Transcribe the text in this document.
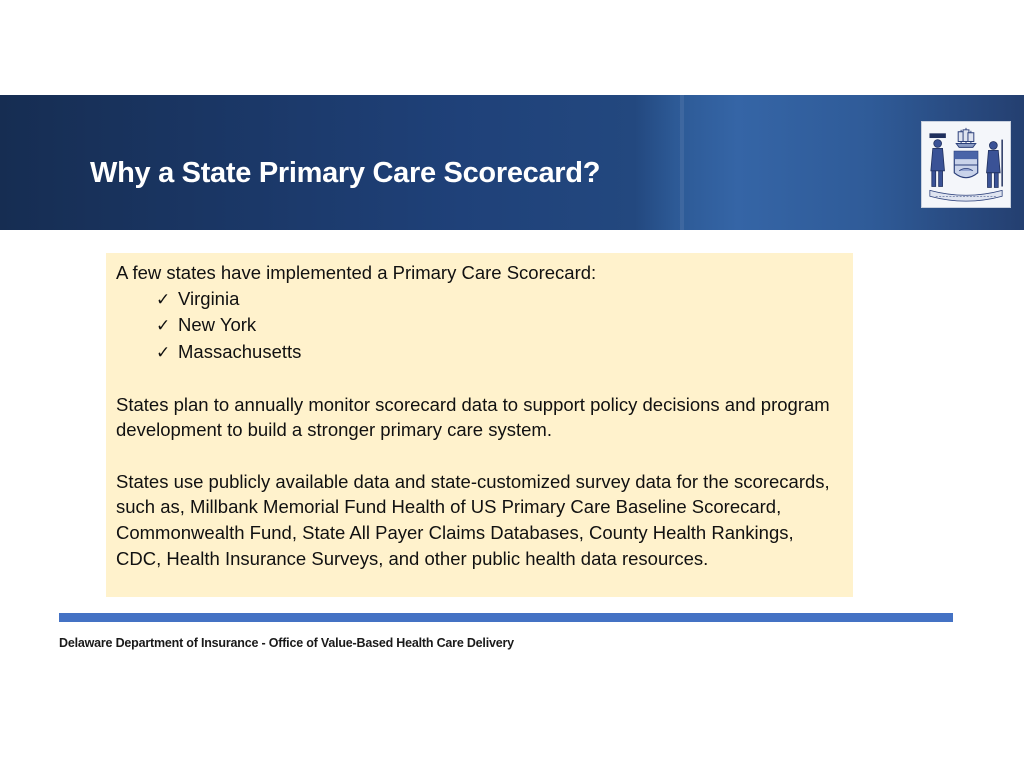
Why a State Primary Care Scorecard?

A few states have implemented a Primary Care Scorecard:

✓ Virginia
✓ New York
✓ Massachusetts

States plan to annually monitor scorecard data to support policy decisions and program development to build a stronger primary care system.

States use publicly available data and state-customized survey data for the scorecards, such as, Millbank Memorial Fund Health of US Primary Care Baseline Scorecard, Commonwealth Fund, State All Payer Claims Databases, County Health Rankings, CDC, Health Insurance Surveys, and other public health data resources.

Delaware Department of Insurance - Office of Value-Based Health Care Delivery
